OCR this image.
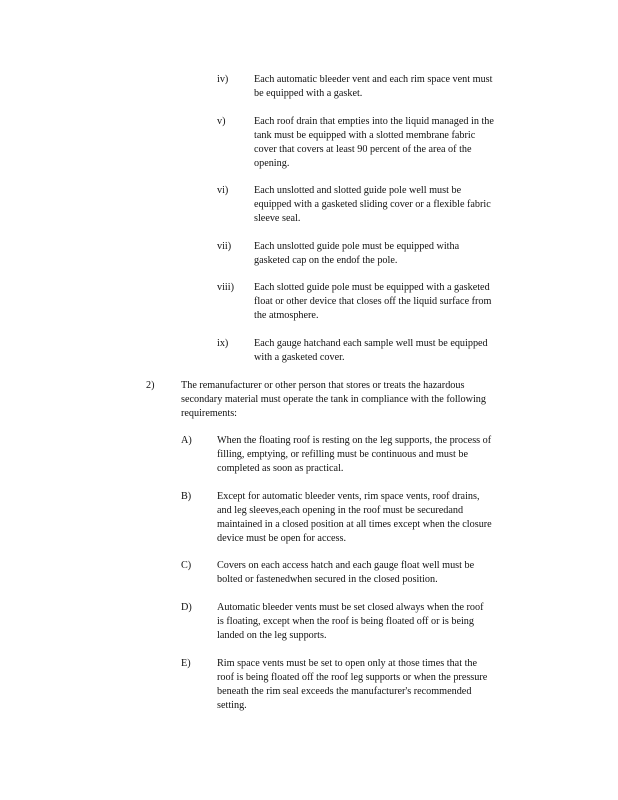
iv)	Each automatic bleeder vent and each rim space vent must
be equipped with a gasket.
v)	Each roof drain that empties into the liquid managed in the
tank must be equipped with a slotted membrane fabric
cover that covers at least 90 percent of the area of the
opening.
vi)	Each unslotted and slotted guide pole well must be
equipped with a gasketed sliding cover or a flexible fabric
sleeve seal.
vii) Each unslotted guide pole must be equipped witha
gasketed cap on the endof the pole.
viii) Each slotted guide pole must be equipped with a gasketed
float or other device that closes off the liquid surface from
the atmosphere.
ix)	Each gauge hatchand each sample well must be equipped
with a gasketed cover.
2)	The remanufacturer or other person that stores or treats the hazardous
secondary material must operate the tank in compliance with the following
requirements:
A) When the floating roof is resting on the leg supports, the process of
filling, emptying, or refilling must be continuous and must be
completed as soon as practical.
B)	Except for automatic bleeder vents, rim space vents, roof drains,
and leg sleeves,each opening in the roof must be securedand
maintained in a closed position at all times except when the closure
device must be open for access.
C)	Covers on each access hatch and each gauge float well must be
bolted or fastenedwhen secured in the closed position.
D) Automatic bleeder vents must be set closed always when the roof
is floating, except when the roof is being floated off or is being
landed on the leg supports.
E)	Rim space vents must be set to open only at those times that the
roof is being floated off the roof leg supports or when the pressure
beneath the rim seal exceeds the manufacturer's recommended
setting.
